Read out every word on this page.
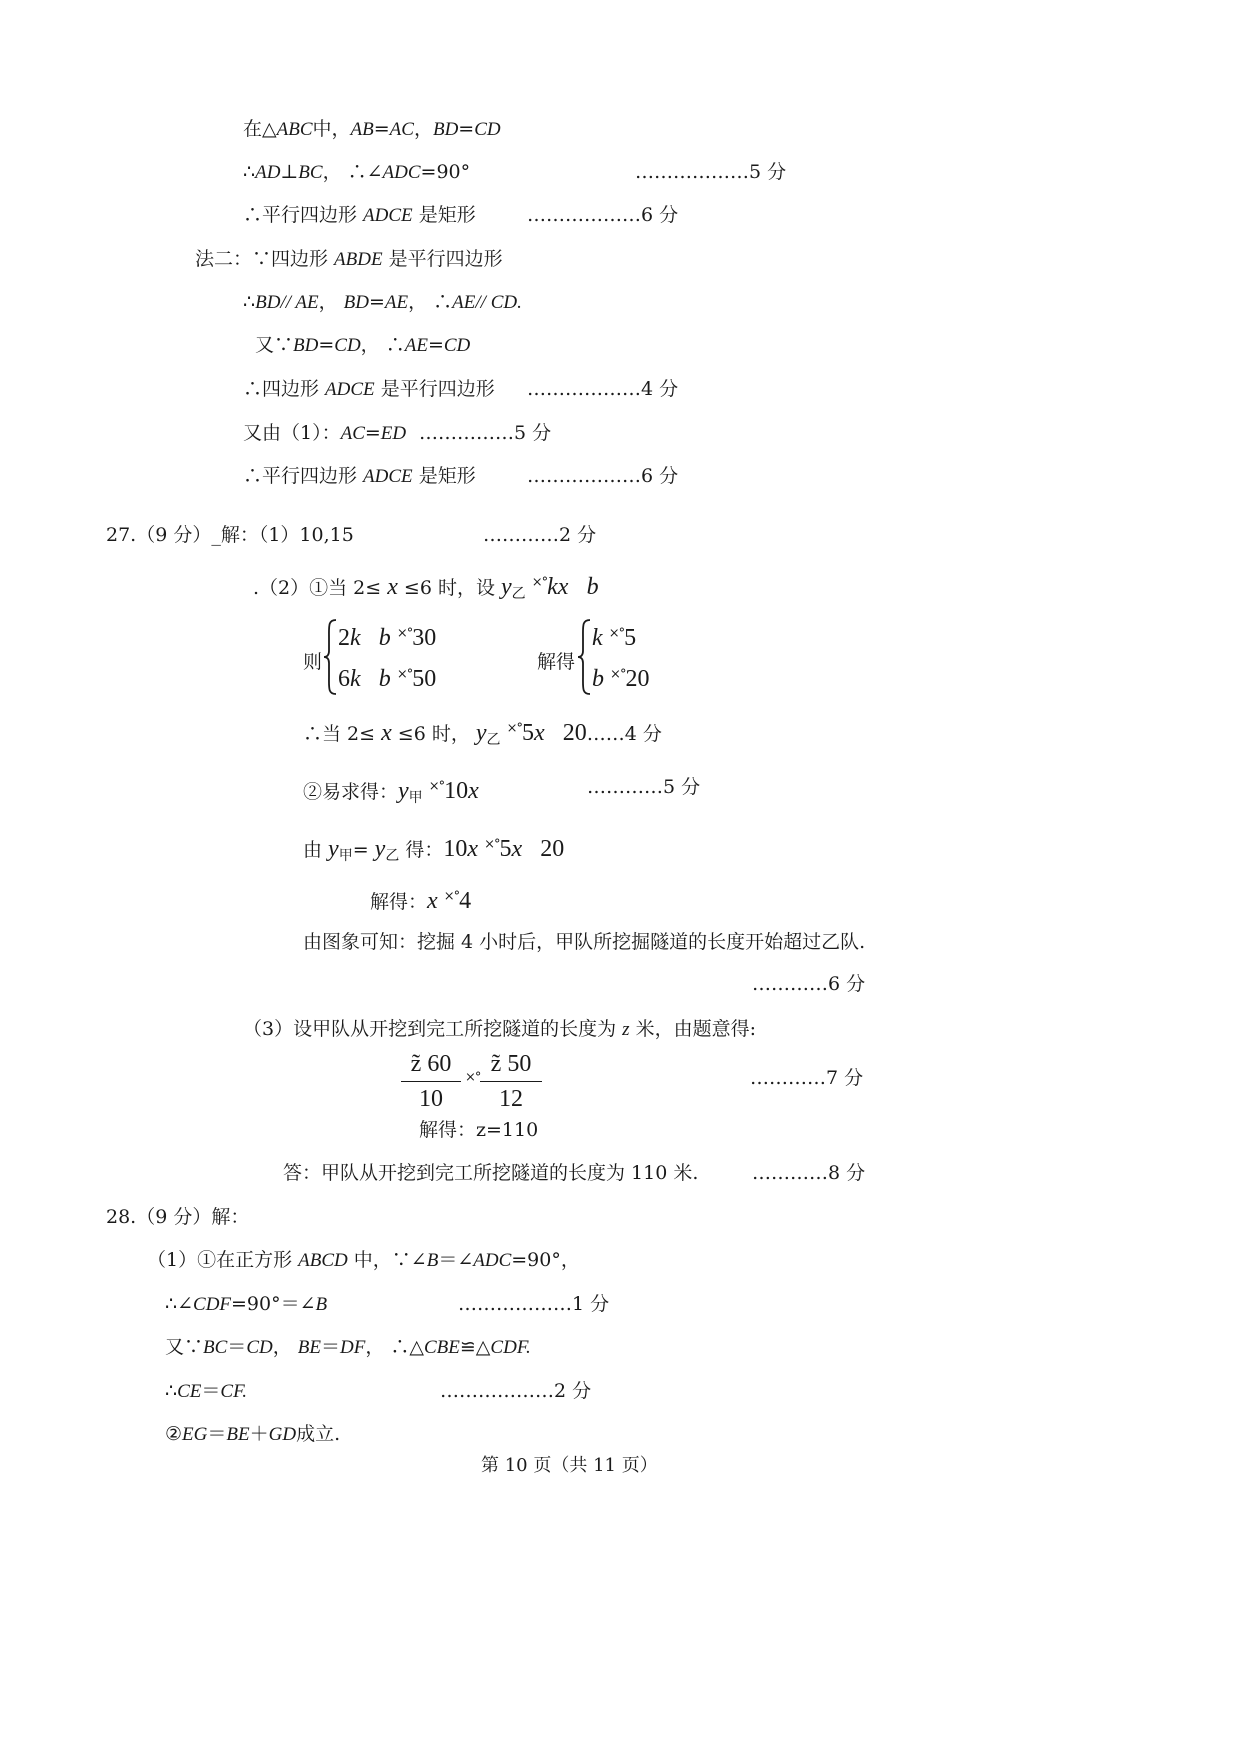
在△ABC中，AB=AC，BD=CD
∴AD⊥BC， ∴∠ADC=90°	………………5 分
∴平行四边形 ADCE 是矩形	………………6 分
法二：∵四边形 ABDE 是平行四边形
∴BD// AE， BD=AE， ∴AE// CD.
又∵BD=CD， ∴AE=CD
∴四边形 ADCE 是平行四边形 ………………4 分
又由（1）：AC=ED ……………5 分
∴平行四边形 ADCE 是矩形	………………6 分
27.（9 分）_解：（1）10,15	…………2 分
.（2）①当 2≤ x ≤6 时，设 $y_乙$ ×°kx b
则
2k b ×°30
6k b ×°50
解得
k ×°5
b ×°20
∴当 2≤ x ≤6 时， $y_乙$ ×°5x 20……4 分
②易求得：$y_甲$ ×°10x	…………5 分
由 $y_甲= y_乙$ 得：10x ×°5x 20
解得：x ×°4
由图象可知：挖掘 4 小时后，甲队所挖掘隧道的长度开始超过乙队.
…………6 分
（3）设甲队从开挖到完工所挖隧道的长度为 z 米，由题意得:
z̃ 60
10
×°
z̃ 50
12
…………7 分
解得：z=110
答：甲队从开挖到完工所挖隧道的长度为 110 米.	…………8 分
28.（9 分）解：
（1）①在正方形 ABCD 中，∵∠B＝∠ADC=90°，
∴∠CDF=90°＝∠B	………………1 分
又∵BC＝CD， BE＝DF， ∴△CBE≌△CDF.
∴CE＝CF.	………………2 分
②EG＝BE＋GD成立.
第 10 页（共 11 页）
